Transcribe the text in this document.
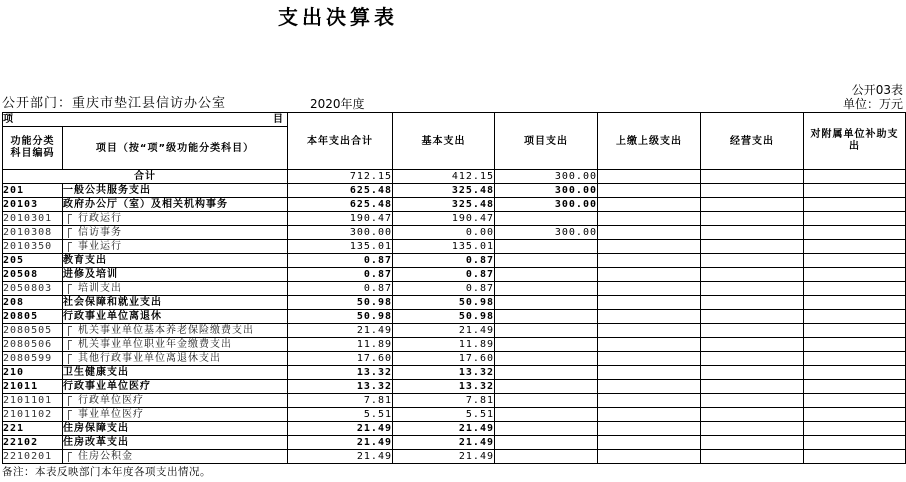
支出决算表
公开03表
公开部门：重庆市垫江县信访办公室	2020年度	单位：万元
项 目		本年支出合计	基本支出	项目支出	上缴上级支出	经营支出	对附属单位补助支出
功能分类科目编码	项目（按“项”级功能分类科目）						
合计		712.15	412.15	300.00			
201	一般公共服务支出	625.48	325.48	300.00			
20103	政府办公厅（室）及相关机构事务	625.48	325.48	300.00			
2010301	行政运行	190.47	190.47				
2010308	信访事务	300.00	0.00	300.00			
2010350	事业运行	135.01	135.01				
205	教育支出	0.87	0.87				
20508	进修及培训	0.87	0.87				
2050803	培训支出	0.87	0.87				
208	社会保障和就业支出	50.98	50.98				
20805	行政事业单位离退休	50.98	50.98				
2080505	机关事业单位基本养老保险缴费支出	21.49	21.49				
2080506	机关事业单位职业年金缴费支出	11.89	11.89				
2080599	其他行政事业单位离退休支出	17.60	17.60				
210	卫生健康支出	13.32	13.32				
21011	行政事业单位医疗	13.32	13.32				
2101101	行政单位医疗	7.81	7.81				
2101102	事业单位医疗	5.51	5.51				
221	住房保障支出	21.49	21.49				
22102	住房改革支出	21.49	21.49				
2210201	住房公积金	21.49	21.49				
备注：本表反映部门本年度各项支出情况。
